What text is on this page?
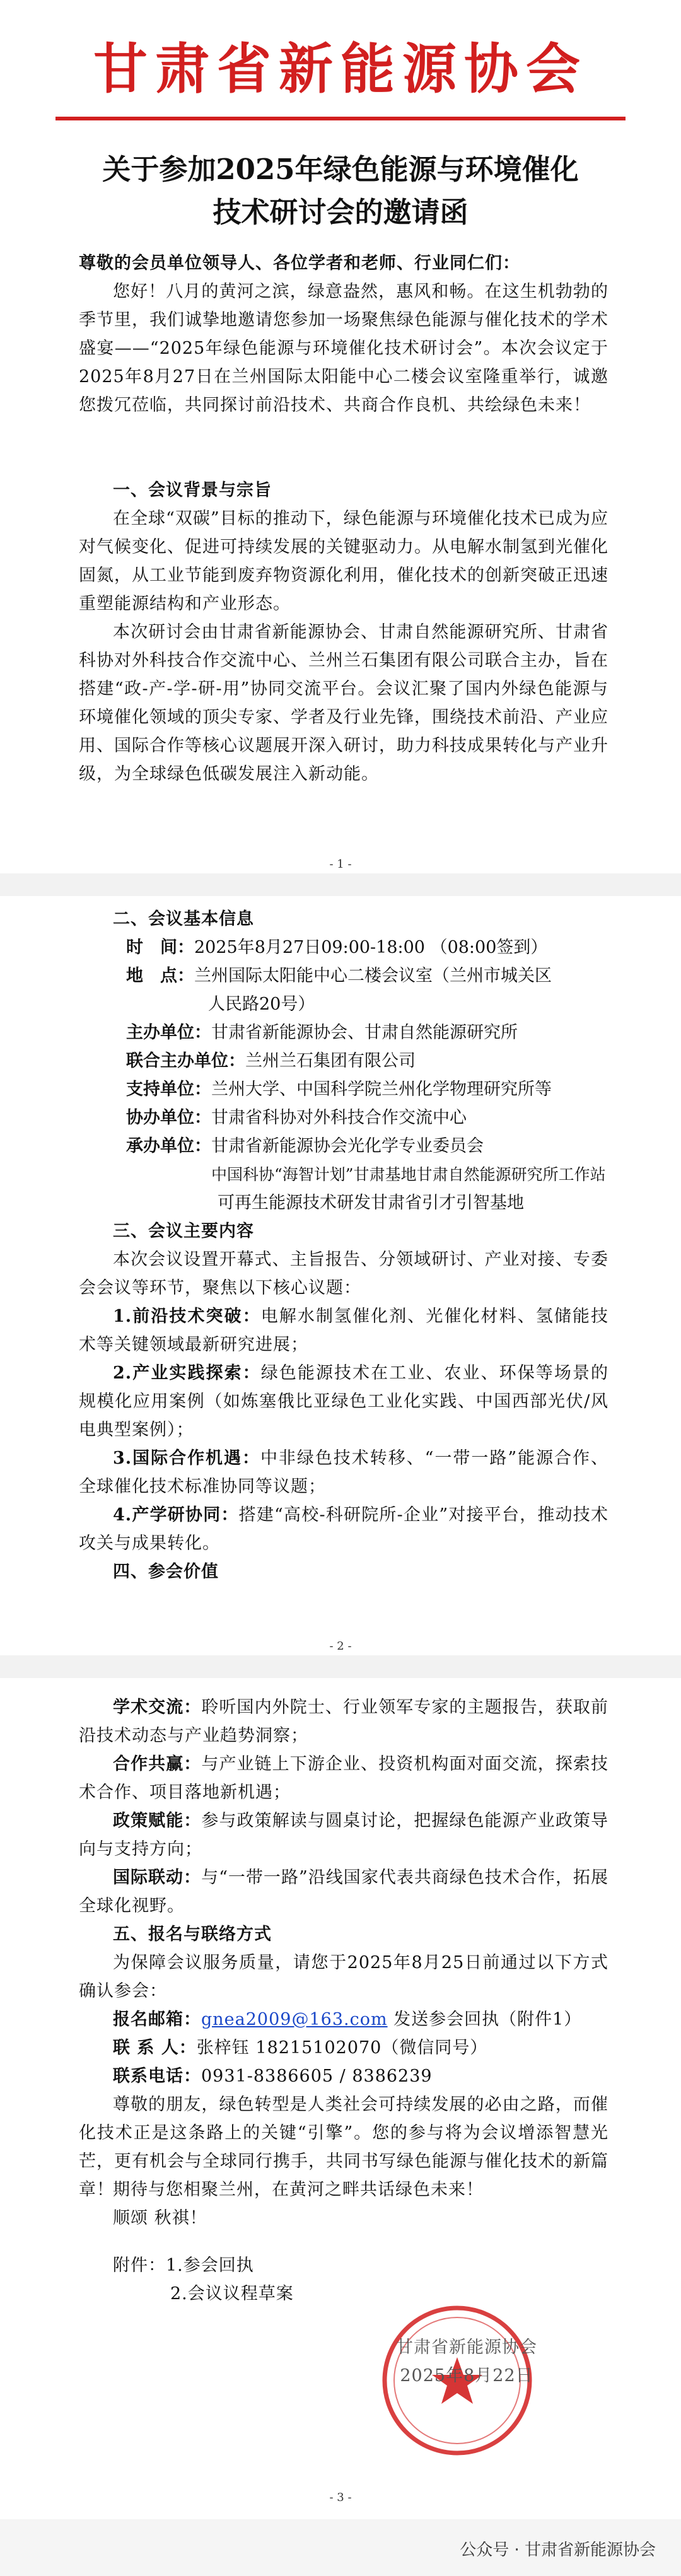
甘肃省新能源协会
关于参加2025年绿色能源与环境催化
技术研讨会的邀请函
尊敬的会员单位领导人、各位学者和老师、行业同仁们：
您好！八月的黄河之滨，绿意盎然，惠风和畅。在这生机勃勃的季节里，我们诚挚地邀请您参加一场聚焦绿色能源与催化技术的学术盛宴——“2025年绿色能源与环境催化技术研讨会”。本次会议定于2025年8月27日在兰州国际太阳能中心二楼会议室隆重举行，诚邀您拨冗莅临，共同探讨前沿技术、共商合作良机、共绘绿色未来！
一、会议背景与宗旨
在全球“双碳”目标的推动下，绿色能源与环境催化技术已成为应对气候变化、促进可持续发展的关键驱动力。从电解水制氢到光催化固氮，从工业节能到废弃物资源化利用，催化技术的创新突破正迅速重塑能源结构和产业形态。
本次研讨会由甘肃省新能源协会、甘肃自然能源研究所、甘肃省科协对外科技合作交流中心、兰州兰石集团有限公司联合主办，旨在搭建“政-产-学-研-用”协同交流平台。会议汇聚了国内外绿色能源与环境催化领域的顶尖专家、学者及行业先锋，围绕技术前沿、产业应用、国际合作等核心议题展开深入研讨，助力科技成果转化与产业升级，为全球绿色低碳发展注入新动能。
- 1 -
二、会议基本信息
时　间：2025年8月27日09:00-18:00 （08:00签到）
地　点：兰州国际太阳能中心二楼会议室（兰州市城关区
人民路20号）
主办单位：甘肃省新能源协会、甘肃自然能源研究所
联合主办单位：兰州兰石集团有限公司
支持单位：兰州大学、中国科学院兰州化学物理研究所等
协办单位：甘肃省科协对外科技合作交流中心
承办单位：甘肃省新能源协会光化学专业委员会
中国科协“海智计划”甘肃基地甘肃自然能源研究所工作站
可再生能源技术研发甘肃省引才引智基地
三、会议主要内容
本次会议设置开幕式、主旨报告、分领域研讨、产业对接、专委会会议等环节，聚焦以下核心议题：
1.前沿技术突破：电解水制氢催化剂、光催化材料、氢储能技术等关键领域最新研究进展；
2.产业实践探索：绿色能源技术在工业、农业、环保等场景的规模化应用案例（如炼塞俄比亚绿色工业化实践、中国西部光伏/风电典型案例）；
3.国际合作机遇：中非绿色技术转移、“一带一路”能源合作、全球催化技术标准协同等议题；
4.产学研协同：搭建“高校-科研院所-企业”对接平台，推动技术攻关与成果转化。
四、参会价值
- 2 -
学术交流：聆听国内外院士、行业领军专家的主题报告，获取前沿技术动态与产业趋势洞察；
合作共赢：与产业链上下游企业、投资机构面对面交流，探索技术合作、项目落地新机遇；
政策赋能：参与政策解读与圆桌讨论，把握绿色能源产业政策导向与支持方向；
国际联动：与“一带一路”沿线国家代表共商绿色技术合作，拓展全球化视野。
五、报名与联络方式
为保障会议服务质量，请您于2025年8月25日前通过以下方式确认参会：
报名邮箱：gnea2009@163.com 发送参会回执（附件1）
联 系 人：张梓钰 18215102070（微信同号）
联系电话：0931-8386605 / 8386239
尊敬的朋友，绿色转型是人类社会可持续发展的必由之路，而催化技术正是这条路上的关键“引擎”。您的参与将为会议增添智慧光芒，更有机会与全球同行携手，共同书写绿色能源与催化技术的新篇章！
期待与您相聚兰州，在黄河之畔共话绿色未来！
顺颂 秋祺！
附件：1.参会回执
2.会议议程草案
甘肃省新能源协会
2025年8月22日
- 3 -
公众号 · 甘肃省新能源协会
